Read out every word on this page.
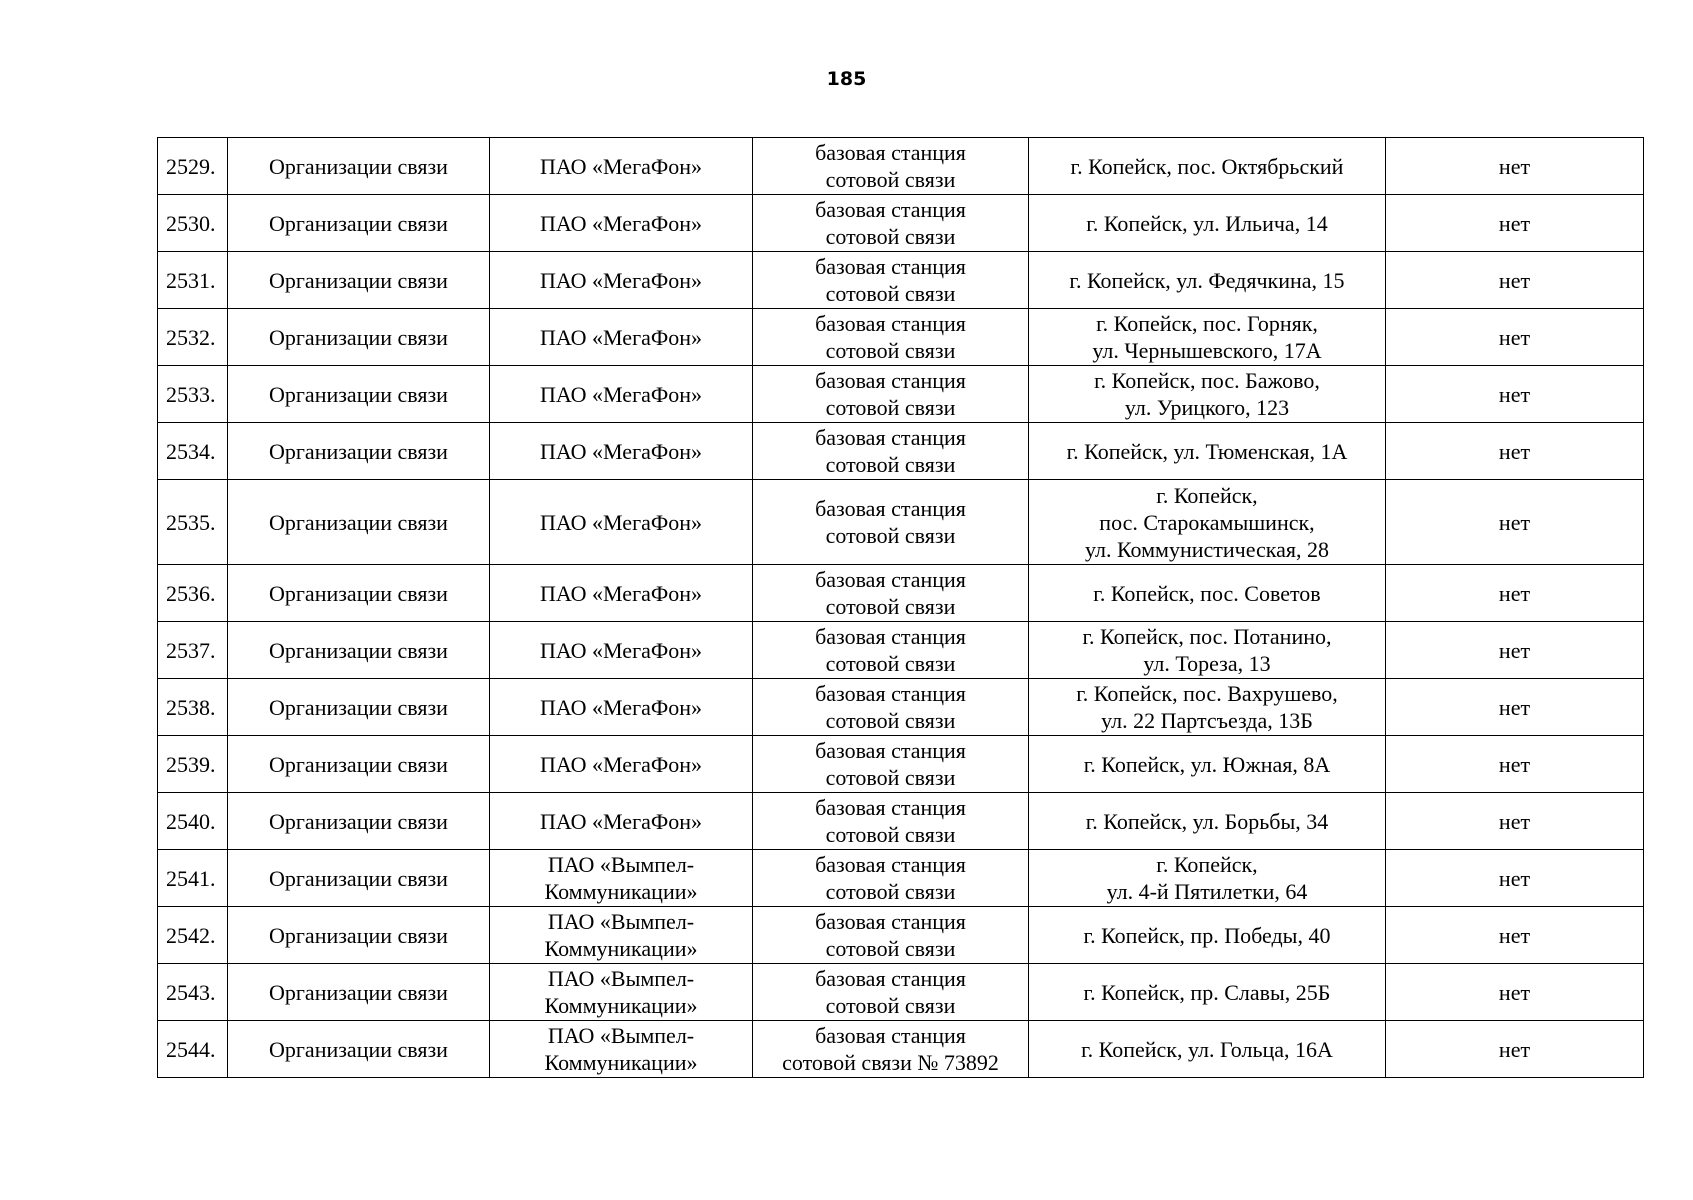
185
2529.	Организации связи	ПАО «МегаФон»	базовая станция
сотовой связи	г. Копейск, пос. Октябрьский	нет
2530.	Организации связи	ПАО «МегаФон»	базовая станция
сотовой связи	г. Копейск, ул. Ильича, 14	нет
2531.	Организации связи	ПАО «МегаФон»	базовая станция
сотовой связи	г. Копейск, ул. Федячкина, 15	нет
2532.	Организации связи	ПАО «МегаФон»	базовая станция
сотовой связи	г. Копейск, пос. Горняк,
ул. Чернышевского, 17А	нет
2533.	Организации связи	ПАО «МегаФон»	базовая станция
сотовой связи	г. Копейск, пос. Бажово,
ул. Урицкого, 123	нет
2534.	Организации связи	ПАО «МегаФон»	базовая станция
сотовой связи	г. Копейск, ул. Тюменская, 1А	нет
2535.	Организации связи	ПАО «МегаФон»	базовая станция
сотовой связи	г. Копейск,
пос. Старокамышинск,
ул. Коммунистическая, 28	нет
2536.	Организации связи	ПАО «МегаФон»	базовая станция
сотовой связи	г. Копейск, пос. Советов	нет
2537.	Организации связи	ПАО «МегаФон»	базовая станция
сотовой связи	г. Копейск, пос. Потанино,
ул. Тореза, 13	нет
2538.	Организации связи	ПАО «МегаФон»	базовая станция
сотовой связи	г. Копейск, пос. Вахрушево,
ул. 22 Партсъезда, 13Б	нет
2539.	Организации связи	ПАО «МегаФон»	базовая станция
сотовой связи	г. Копейск, ул. Южная, 8А	нет
2540.	Организации связи	ПАО «МегаФон»	базовая станция
сотовой связи	г. Копейск, ул. Борьбы, 34	нет
2541.	Организации связи	ПАО «Вымпел-
Коммуникации»	базовая станция
сотовой связи	г. Копейск,
ул. 4-й Пятилетки, 64	нет
2542.	Организации связи	ПАО «Вымпел-
Коммуникации»	базовая станция
сотовой связи	г. Копейск, пр. Победы, 40	нет
2543.	Организации связи	ПАО «Вымпел-
Коммуникации»	базовая станция
сотовой связи	г. Копейск, пр. Славы, 25Б	нет
2544.	Организации связи	ПАО «Вымпел-
Коммуникации»	базовая станция
сотовой связи № 73892	г. Копейск, ул. Гольца, 16А	нет
